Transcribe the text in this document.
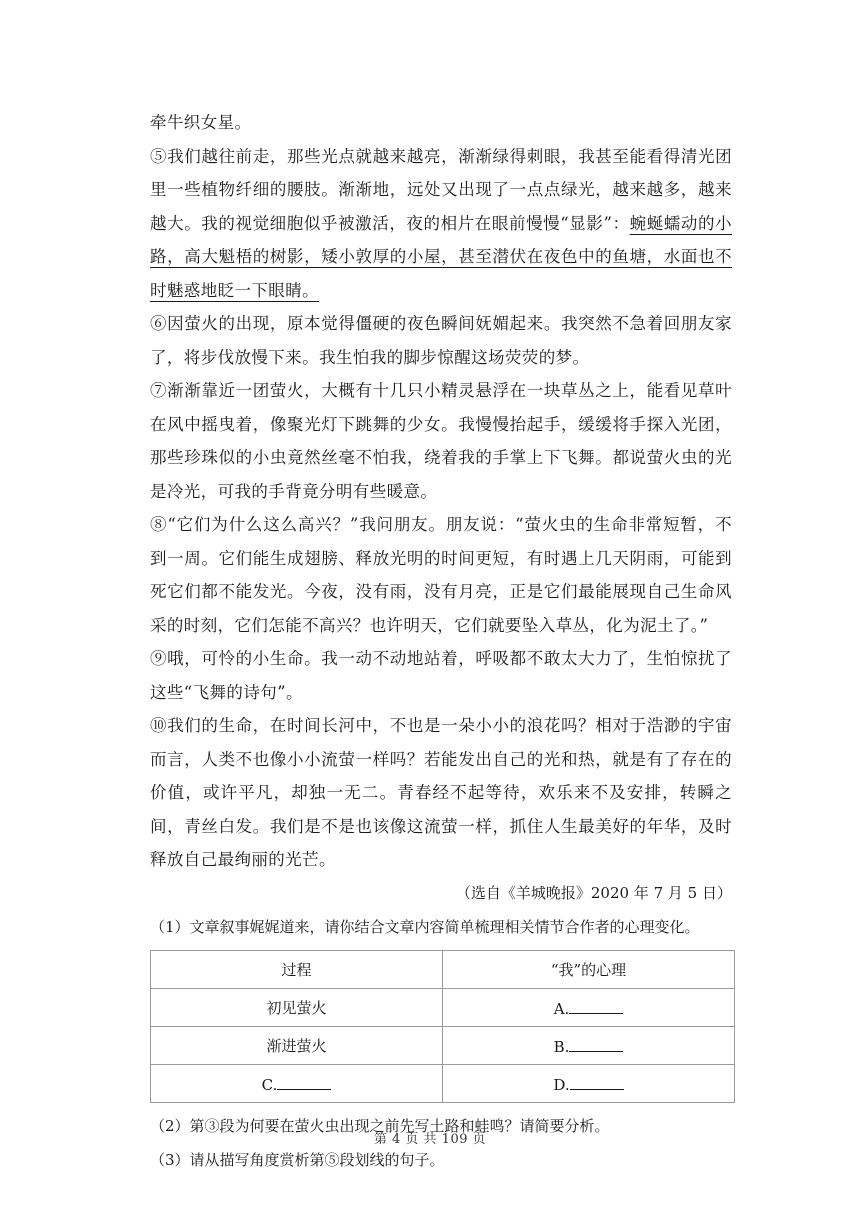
牵牛织女星。

⑤我们越往前走，那些光点就越来越亮，渐渐绿得刺眼，我甚至能看得清光团里一些植物纤细的腰肢。渐渐地，远处又出现了一点点绿光，越来越多，越来越大。我的视觉细胞似乎被激活，夜的相片在眼前慢慢“显影”：蜿蜒蠕动的小路，高大魁梧的树影，矮小敦厚的小屋，甚至潜伏在夜色中的鱼塘，水面也不时魅惑地眨一下眼睛。

⑥因萤火的出现，原本觉得僵硬的夜色瞬间妩媚起来。我突然不急着回朋友家了，将步伐放慢下来。我生怕我的脚步惊醒这场荧荧的梦。

⑦渐渐靠近一团萤火，大概有十几只小精灵悬浮在一块草丛之上，能看见草叶在风中摇曳着，像聚光灯下跳舞的少女。我慢慢抬起手，缓缓将手探入光团，那些珍珠似的小虫竟然丝毫不怕我，绕着我的手掌上下飞舞。都说萤火虫的光是冷光，可我的手背竟分明有些暖意。

⑧“它们为什么这么高兴？”我问朋友。朋友说：“萤火虫的生命非常短暂，不到一周。它们能生成翅膀、释放光明的时间更短，有时遇上几天阴雨，可能到死它们都不能发光。今夜，没有雨，没有月亮，正是它们最能展现自己生命风采的时刻，它们怎能不高兴？也许明天，它们就要坠入草丛，化为泥土了。”

⑨哦，可怜的小生命。我一动不动地站着，呼吸都不敢太大力了，生怕惊扰了这些“飞舞的诗句”。

⑩我们的生命，在时间长河中，不也是一朵小小的浪花吗？相对于浩渺的宇宙而言，人类不也像小小流萤一样吗？若能发出自己的光和热，就是有了存在的价值，或许平凡，却独一无二。青春经不起等待，欢乐来不及安排，转瞬之间，青丝白发。我们是不是也该像这流萤一样，抓住人生最美好的年华，及时释放自己最绚丽的光芒。

（选自《羊城晚报》2020 年 7 月 5 日）

（1）文章叙事娓娓道来，请你结合文章内容简单梳理相关情节合作者的心理变化。

过程	“我”的心理
初见萤火	A.
渐进萤火	B.
C.	D.

（2）第③段为何要在萤火虫出现之前先写土路和蛙鸣？请简要分析。

（3）请从描写角度赏析第⑤段划线的句子。

第 4 页 共 109 页
